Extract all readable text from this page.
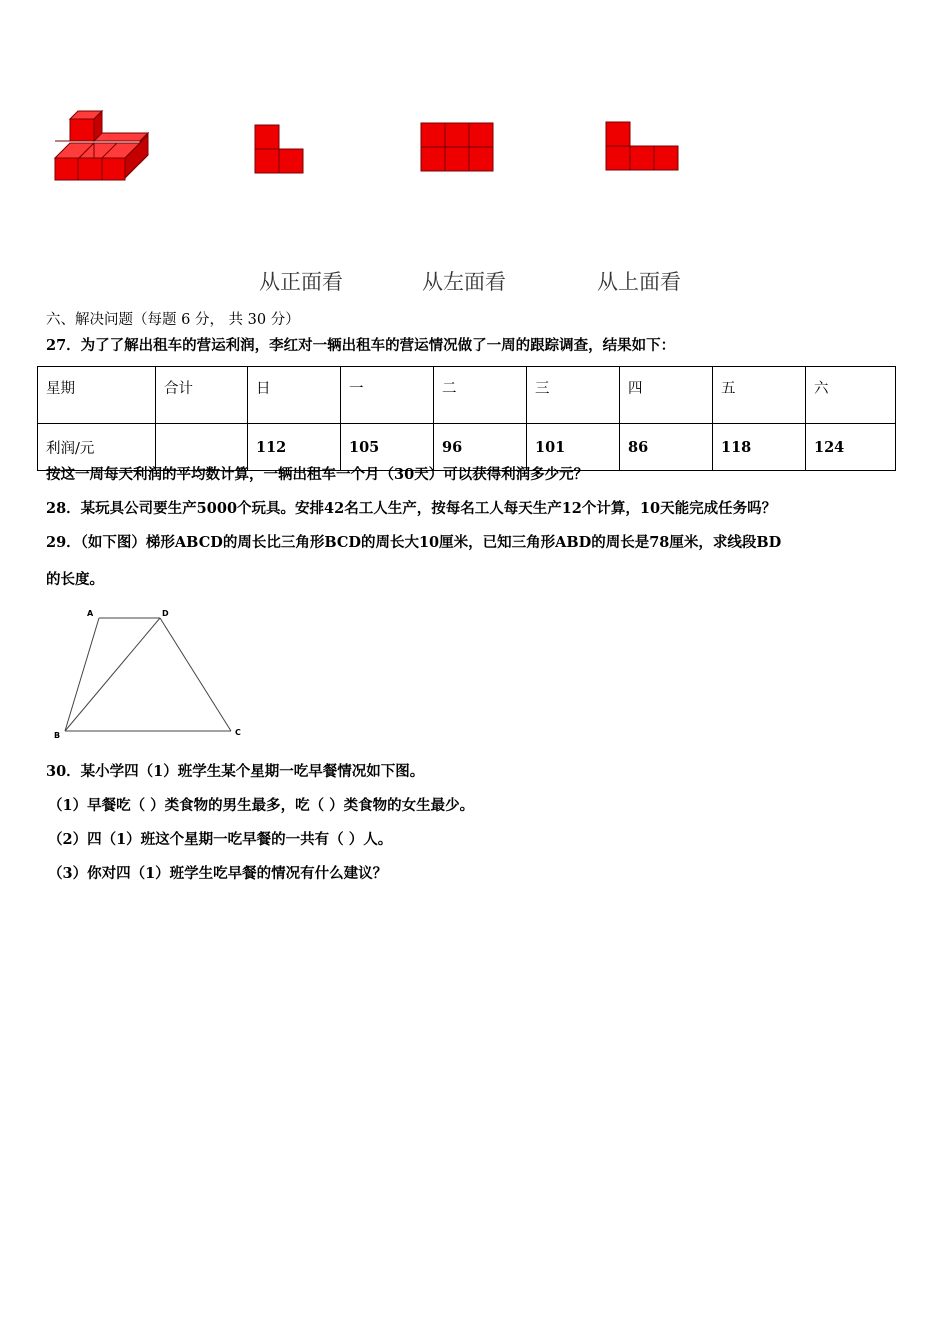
从正面看	从左面看	从上面看
六、解决问题（每题 6 分， 共 30 分）
27．为了了解出租车的营运利润，李红对一辆出租车的营运情况做了一周的跟踪调查，结果如下：
星期	合计	日	一	二	三	四	五	六
利润/元		112	105	96	101	86	118	124
按这一周每天利润的平均数计算，一辆出租车一个月（30天）可以获得利润多少元？
28．某玩具公司要生产5000个玩具。安排42名工人生产，按每名工人每天生产12个计算，10天能完成任务吗？
29．（如下图）梯形ABCD的周长比三角形BCD的周长大10厘米，已知三角形ABD的周长是78厘米，求线段BD
的长度。
A	D
B	C
30．某小学四（1）班学生某个星期一吃早餐情况如下图。
（1）早餐吃（ ）类食物的男生最多，吃（ ）类食物的女生最少。
（2）四（1）班这个星期一吃早餐的一共有（ ）人。
（3）你对四（1）班学生吃早餐的情况有什么建议？
